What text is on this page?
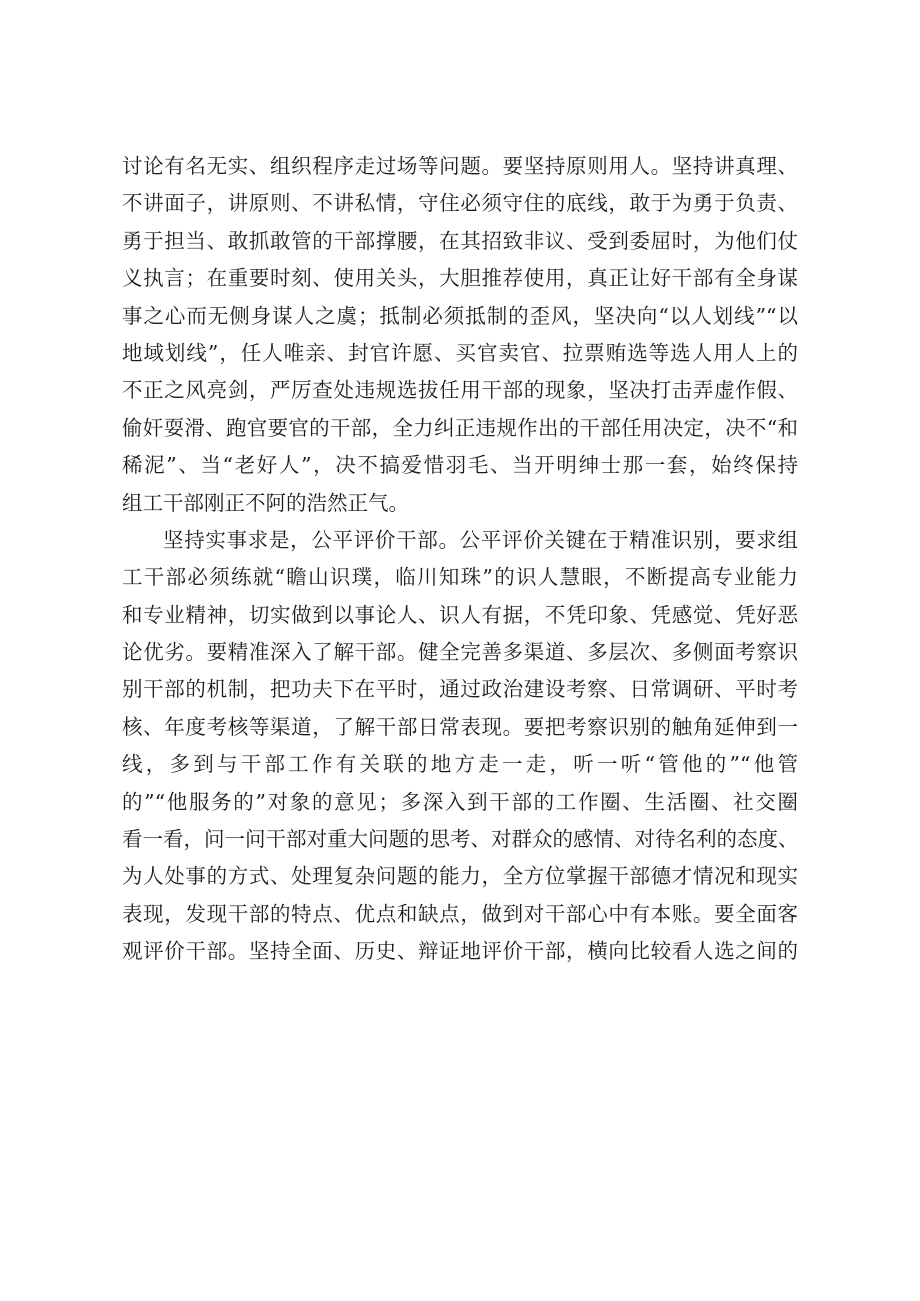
讨论有名无实、组织程序走过场等问题。要坚持原则用人。坚持讲真理、
不讲面子，讲原则、不讲私情，守住必须守住的底线，敢于为勇于负责、
勇于担当、敢抓敢管的干部撑腰，在其招致非议、受到委屈时，为他们仗
义执言；在重要时刻、使用关头，大胆推荐使用，真正让好干部有全身谋
事之心而无侧身谋人之虞；抵制必须抵制的歪风，坚决向“以人划线”“以
地域划线”，任人唯亲、封官许愿、买官卖官、拉票贿选等选人用人上的
不正之风亮剑，严厉查处违规选拔任用干部的现象，坚决打击弄虚作假、
偷奸耍滑、跑官要官的干部，全力纠正违规作出的干部任用决定，决不“和
稀泥”、当“老好人”，决不搞爱惜羽毛、当开明绅士那一套，始终保持
组工干部刚正不阿的浩然正气。
坚持实事求是，公平评价干部。公平评价关键在于精准识别，要求组
工干部必须练就“瞻山识璞，临川知珠”的识人慧眼，不断提高专业能力
和专业精神，切实做到以事论人、识人有据，不凭印象、凭感觉、凭好恶
论优劣。要精准深入了解干部。健全完善多渠道、多层次、多侧面考察识
别干部的机制，把功夫下在平时，通过政治建设考察、日常调研、平时考
核、年度考核等渠道，了解干部日常表现。要把考察识别的触角延伸到一
线，多到与干部工作有关联的地方走一走，听一听“管他的”“他管
的”“他服务的”对象的意见；多深入到干部的工作圈、生活圈、社交圈
看一看，问一问干部对重大问题的思考、对群众的感情、对待名利的态度、
为人处事的方式、处理复杂问题的能力，全方位掌握干部德才情况和现实
表现，发现干部的特点、优点和缺点，做到对干部心中有本账。要全面客
观评价干部。坚持全面、历史、辩证地评价干部，横向比较看人选之间的
